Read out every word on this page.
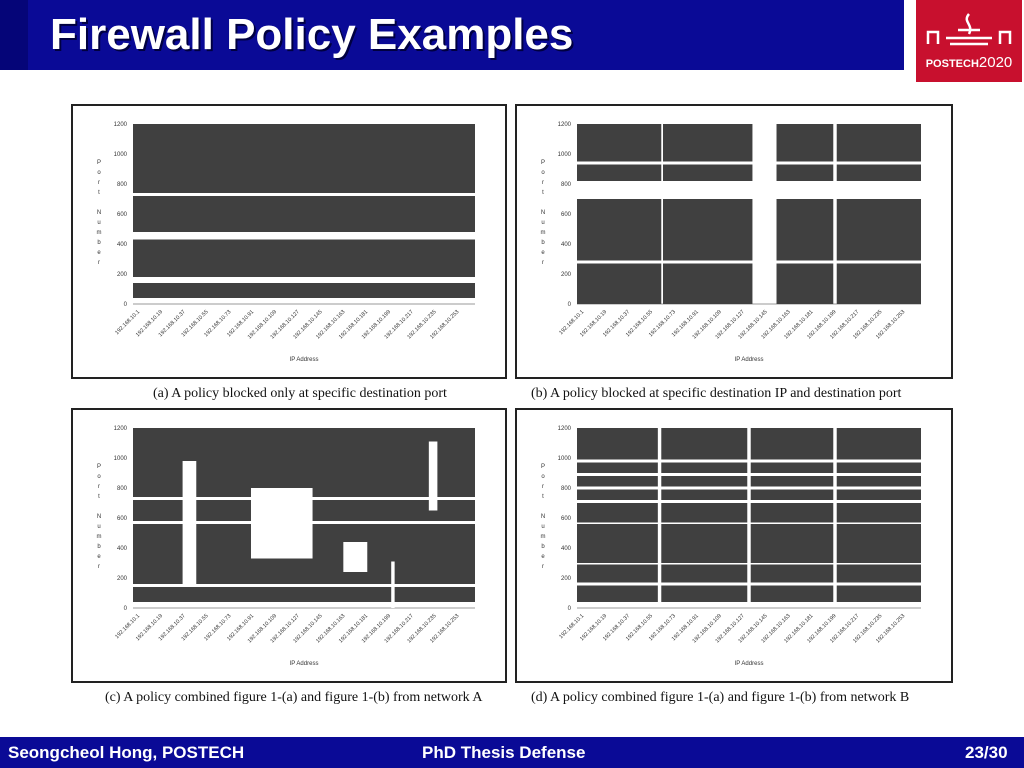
Firewall Policy Examples
POSTECH2020
0
200
400
600
800
1000
1200
P
o
r
t
N
u
m
b
e
r
192.168.10.1
192.168.10.19
192.168.10.37
192.168.10.55
192.168.10.73
192.168.10.91
192.168.10.109
192.168.10.127
192.168.10.145
192.168.10.163
192.168.10.181
192.168.10.199
192.168.10.217
192.168.10.235
192.168.10.253
IP Address
(a) A policy blocked only at specific destination port
0
200
400
600
800
1000
1200
P
o
r
t
N
u
m
b
e
r
192.168.10.1
192.168.10.19
192.168.10.37
192.168.10.55
192.168.10.73
192.168.10.91
192.168.10.109
192.168.10.127
192.168.10.145
192.168.10.163
192.168.10.181
192.168.10.199
192.168.10.217
192.168.10.235
192.168.10.253
IP Address
(b) A policy blocked at specific destination IP and destination port
0
200
400
600
800
1000
1200
P
o
r
t
N
u
m
b
e
r
192.168.10.1
192.168.10.19
192.168.10.37
192.168.10.55
192.168.10.73
192.168.10.91
192.168.10.109
192.168.10.127
192.168.10.145
192.168.10.163
192.168.10.181
192.168.10.199
192.168.10.217
192.168.10.235
192.168.10.253
IP Address
(c) A policy combined figure 1-(a) and figure 1-(b) from network A
0
200
400
600
800
1000
1200
P
o
r
t
N
u
m
b
e
r
192.168.10.1
192.168.10.19
192.168.10.37
192.168.10.55
192.168.10.73
192.168.10.91
192.168.10.109
192.168.10.127
192.168.10.145
192.168.10.163
192.168.10.181
192.168.10.199
192.168.10.217
192.168.10.235
192.168.10.253
IP Address
(d) A policy combined figure 1-(a) and figure 1-(b) from network B
Seongcheol Hong, POSTECH	PhD Thesis Defense	23/30
